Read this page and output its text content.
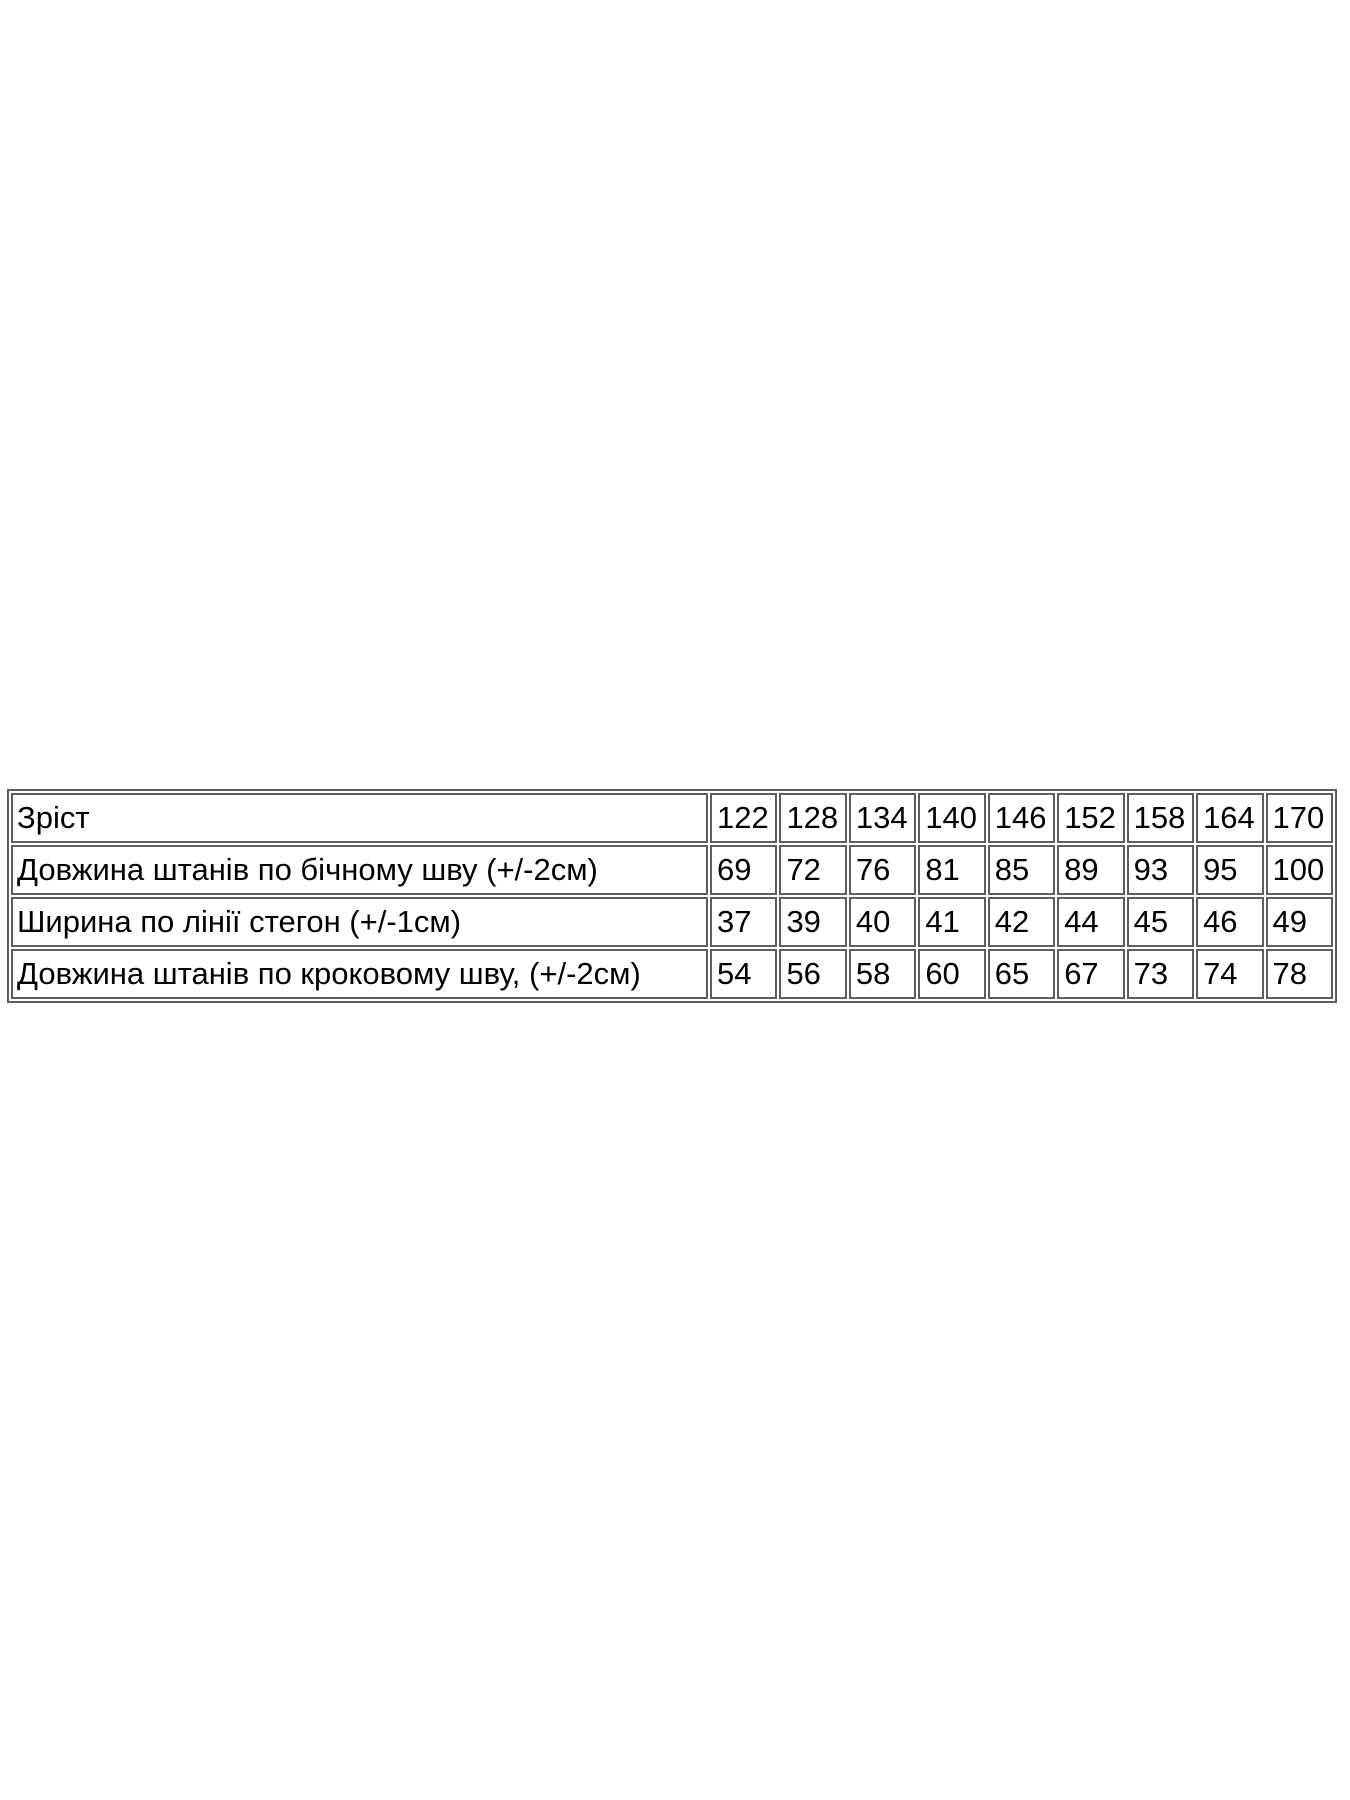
Зріст	122	128	134	140	146	152	158	164	170
Довжина штанів по бічному шву (+/-2см)	69	72	76	81	85	89	93	95	100
Ширина по лінії стегон (+/-1см)	37	39	40	41	42	44	45	46	49
Довжина штанів по кроковому шву, (+/-2см)	54	56	58	60	65	67	73	74	78
